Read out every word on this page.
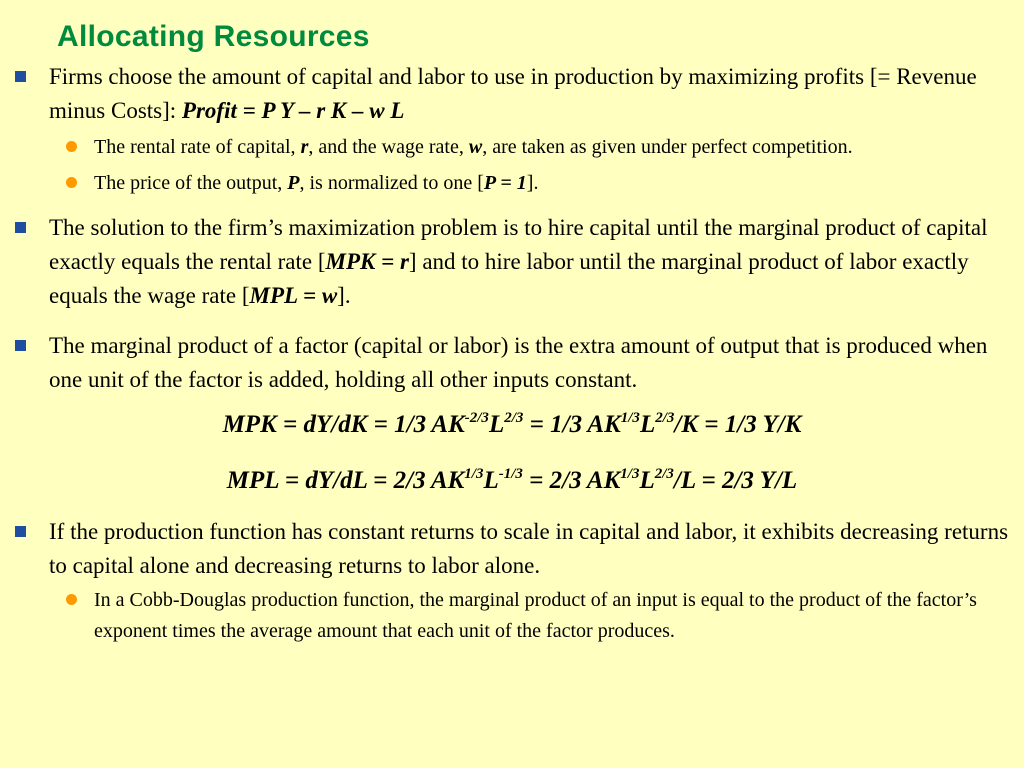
Allocating Resources
Firms choose the amount of capital and labor to use in production by maximizing profits [= Revenue minus Costs]: Profit = P Y – r K – w L
The rental rate of capital, r, and the wage rate, w, are taken as given under perfect competition.
The price of the output, P, is normalized to one [P = 1].
The solution to the firm’s maximization problem is to hire capital until the marginal product of capital exactly equals the rental rate [MPK = r] and to hire labor until the marginal product of labor exactly equals the wage rate [MPL = w].
The marginal product of a factor (capital or labor) is the extra amount of output that is produced when one unit of the factor is added, holding all other inputs constant.
MPK = dY/dK = 1/3 $AK^{-2/3}L^{2/3} = 1/3$ $AK^{1/3}L^{2/3}/K = 1/3$ Y/K
MPL = dY/dL = 2/3 $AK^{1/3}L^{-1/3} = 2/3$ $AK^{1/3}L^{2/3}/L = 2/3$ Y/L
If the production function has constant returns to scale in capital and labor, it exhibits decreasing returns to capital alone and decreasing returns to labor alone.
In a Cobb-Douglas production function, the marginal product of an input is equal to the product of the factor’s exponent times the average amount that each unit of the factor produces.
